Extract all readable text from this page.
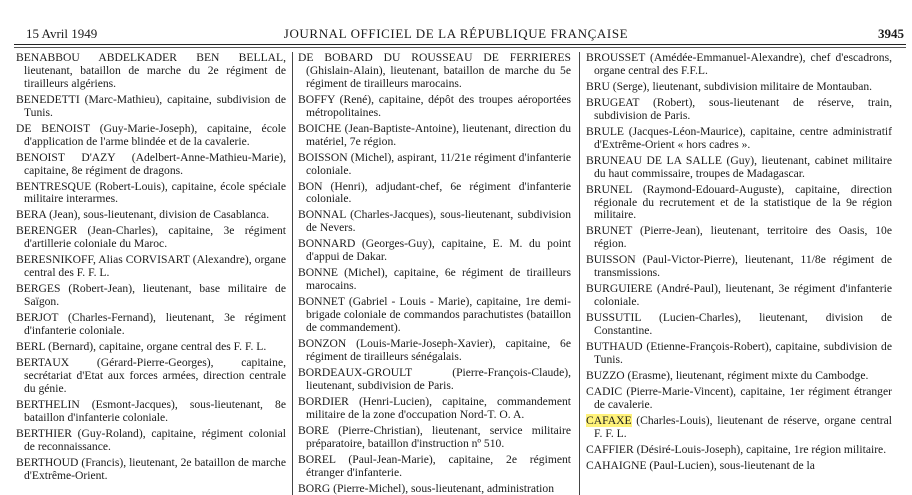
15 Avril 1949	JOURNAL OFFICIEL DE LA RÉPUBLIQUE FRANÇAISE	3945

BENABBOU ABDELKADER BEN BELLAL, lieutenant, bataillon de marche du 2e régiment de tirailleurs algériens.

BENEDETTI (Marc-Mathieu), capitaine, subdivision de Tunis.

DE BENOIST (Guy-Marie-Joseph), capitaine, école d'application de l'arme blindée et de la cavalerie.

BENOIST D'AZY (Adelbert-Anne-Mathieu-Marie), capitaine, 8e régiment de dragons.

BENTRESQUE (Robert-Louis), capitaine, école spéciale militaire interarmes.

BERA (Jean), sous-lieutenant, division de Casablanca.

BERENGER (Jean-Charles), capitaine, 3e régiment d'artillerie coloniale du Maroc.

BERESNIKOFF, Alias CORVISART (Alexandre), organe central des F. F. L.

BERGES (Robert-Jean), lieutenant, base militaire de Saïgon.

BERJOT (Charles-Fernand), lieutenant, 3e régiment d'infanterie coloniale.

BERL (Bernard), capitaine, organe central des F. F. L.

BERTAUX (Gérard-Pierre-Georges), capitaine, secrétariat d'Etat aux forces armées, direction centrale du génie.

BERTHELIN (Esmont-Jacques), sous-lieutenant, 8e bataillon d'infanterie coloniale.

BERTHIER (Guy-Roland), capitaine, régiment colonial de reconnaissance.

BERTHOUD (Francis), lieutenant, 2e bataillon de marche d'Extrême-Orient.

DE BOBARD DU ROUSSEAU DE FERRIERES (Ghislain-Alain), lieutenant, bataillon de marche du 5e régiment de tirailleurs marocains.

BOFFY (René), capitaine, dépôt des troupes aéroportées métropolitaines.

BOICHE (Jean-Baptiste-Antoine), lieutenant, direction du matériel, 7e région.

BOISSON (Michel), aspirant, 11/21e régiment d'infanterie coloniale.

BON (Henri), adjudant-chef, 6e régiment d'infanterie coloniale.

BONNAL (Charles-Jacques), sous-lieutenant, subdivision de Nevers.

BONNARD (Georges-Guy), capitaine, E. M. du point d'appui de Dakar.

BONNE (Michel), capitaine, 6e régiment de tirailleurs marocains.

BONNET (Gabriel - Louis - Marie), capitaine, 1re demi-brigade coloniale de commandos parachutistes (bataillon de commandement).

BONZON (Louis-Marie-Joseph-Xavier), capitaine, 6e régiment de tirailleurs sénégalais.

BORDEAUX-GROULT (Pierre-François-Claude), lieutenant, subdivision de Paris.

BORDIER (Henri-Lucien), capitaine, commandement militaire de la zone d'occupation Nord-T. O. A.

BORE (Pierre-Christian), lieutenant, service militaire préparatoire, bataillon d'instruction nº 510.

BOREL (Paul-Jean-Marie), capitaine, 2e régiment étranger d'infanterie.

BORG (Pierre-Michel), sous-lieutenant, administration

BROUSSET (Amédée-Emmanuel-Alexandre), chef d'escadrons, organe central des F.F.L.

BRU (Serge), lieutenant, subdivision militaire de Montauban.

BRUGEAT (Robert), sous-lieutenant de réserve, train, subdivision de Paris.

BRULE (Jacques-Léon-Maurice), capitaine, centre administratif d'Extrême-Orient « hors cadres ».

BRUNEAU DE LA SALLE (Guy), lieutenant, cabinet militaire du haut commissaire, troupes de Madagascar.

BRUNEL (Raymond-Edouard-Auguste), capitaine, direction régionale du recrutement et de la statistique de la 9e région militaire.

BRUNET (Pierre-Jean), lieutenant, territoire des Oasis, 10e région.

BUISSON (Paul-Victor-Pierre), lieutenant, 11/8e régiment de transmissions.

BURGUIERE (André-Paul), lieutenant, 3e régiment d'infanterie coloniale.

BUSSUTIL (Lucien-Charles), lieutenant, division de Constantine.

BUTHAUD (Etienne-François-Robert), capitaine, subdivision de Tunis.

BUZZO (Erasme), lieutenant, régiment mixte du Cambodge.

CADIC (Pierre-Marie-Vincent), capitaine, 1er régiment étranger de cavalerie.

CAFAXE (Charles-Louis), lieutenant de réserve, organe central F. F. L.

CAFFIER (Désiré-Louis-Joseph), capitaine, 1re région militaire.

CAHAIGNE (Paul-Lucien), sous-lieutenant de la
